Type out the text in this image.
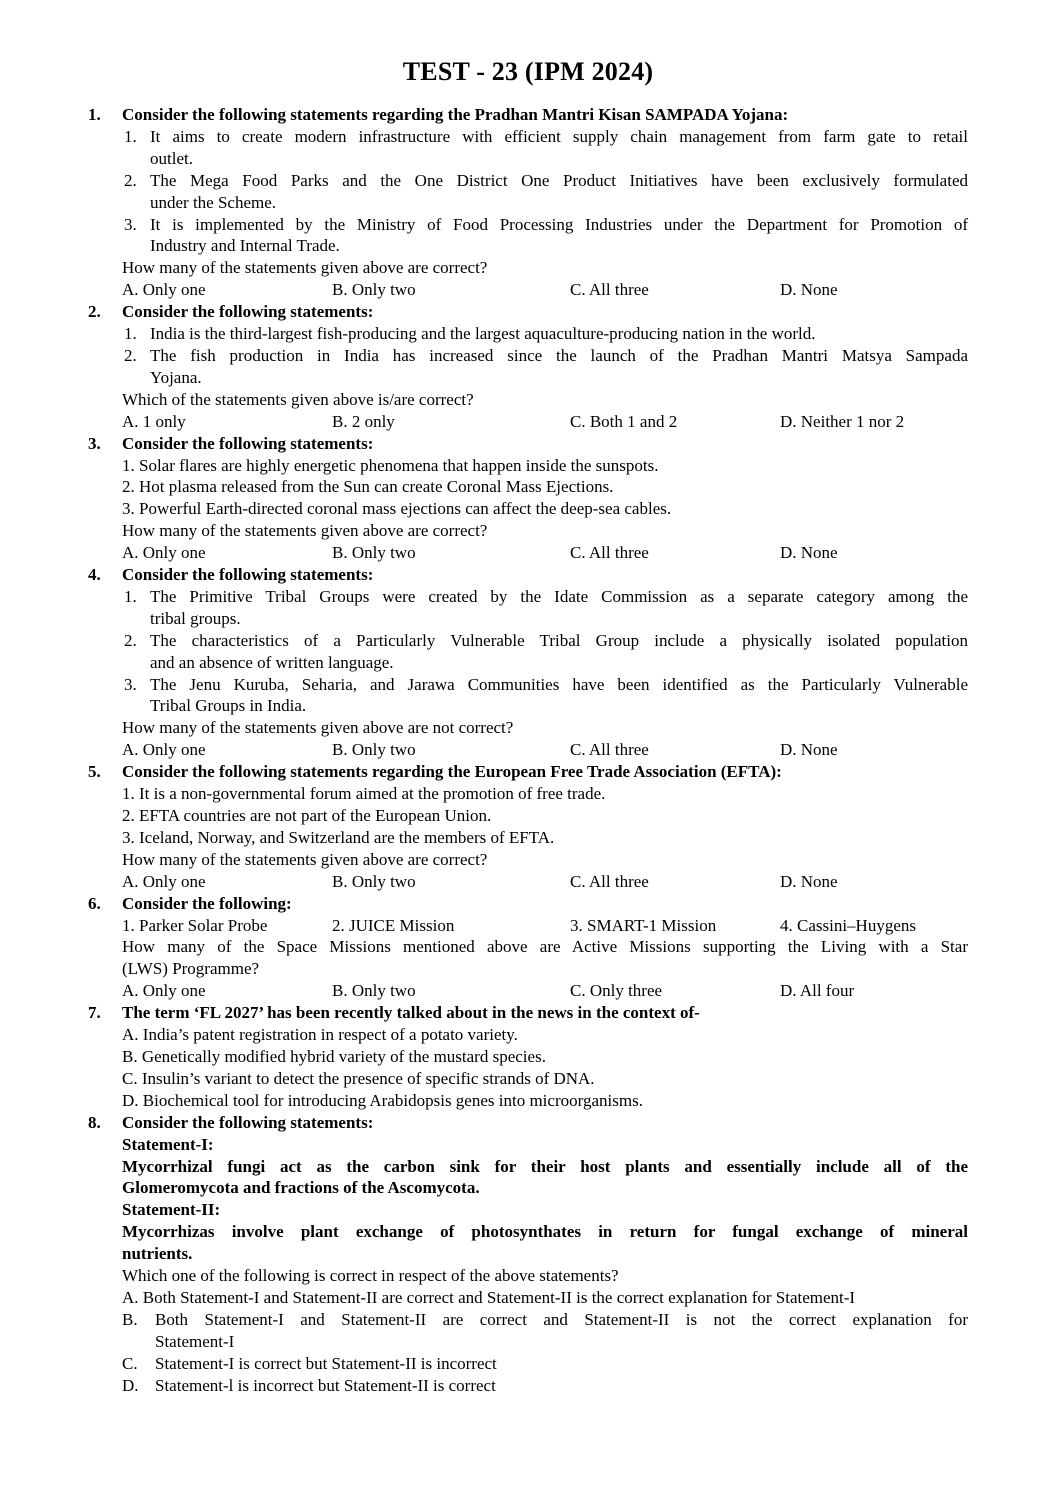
TEST - 23 (IPM 2024)
1.	Consider the following statements regarding the Pradhan Mantri Kisan SAMPADA Yojana:
1. It aims to create modern infrastructure with efficient supply chain management from farm gate to retail
outlet.
2. The Mega Food Parks and the One District One Product Initiatives have been exclusively formulated
under the Scheme.
3. It is implemented by the Ministry of Food Processing Industries under the Department for Promotion of
Industry and Internal Trade.
How many of the statements given above are correct?
A. Only one	B. Only two	C. All three	D. None
2.	Consider the following statements:
1. India is the third-largest fish-producing and the largest aquaculture-producing nation in the world.
2. The fish production in India has increased since the launch of the Pradhan Mantri Matsya Sampada
Yojana.
Which of the statements given above is/are correct?
A. 1 only	B. 2 only	C. Both 1 and 2	D. Neither 1 nor 2
3.	Consider the following statements:
1. Solar flares are highly energetic phenomena that happen inside the sunspots.
2. Hot plasma released from the Sun can create Coronal Mass Ejections.
3. Powerful Earth-directed coronal mass ejections can affect the deep-sea cables.
How many of the statements given above are correct?
A. Only one	B. Only two	C. All three	D. None
4.	Consider the following statements:
1. The Primitive Tribal Groups were created by the Idate Commission as a separate category among the
tribal groups.
2. The characteristics of a Particularly Vulnerable Tribal Group include a physically isolated population
and an absence of written language.
3. The Jenu Kuruba, Seharia, and Jarawa Communities have been identified as the Particularly Vulnerable
Tribal Groups in India.
How many of the statements given above are not correct?
A. Only one	B. Only two	C. All three	D. None
5.	Consider the following statements regarding the European Free Trade Association (EFTA):
1. It is a non-governmental forum aimed at the promotion of free trade.
2. EFTA countries are not part of the European Union.
3. Iceland, Norway, and Switzerland are the members of EFTA.
How many of the statements given above are correct?
A. Only one	B. Only two	C. All three	D. None
6.	Consider the following:
1. Parker Solar Probe	2. JUICE Mission	3. SMART-1 Mission	4. Cassini–Huygens
How many of the Space Missions mentioned above are Active Missions supporting the Living with a Star
(LWS) Programme?
A. Only one	B. Only two	C. Only three	D. All four
7.	The term ‘FL 2027’ has been recently talked about in the news in the context of-
A. India’s patent registration in respect of a potato variety.
B. Genetically modified hybrid variety of the mustard species.
C. Insulin’s variant to detect the presence of specific strands of DNA.
D. Biochemical tool for introducing Arabidopsis genes into microorganisms.
8.	Consider the following statements:
Statement-I:
Mycorrhizal fungi act as the carbon sink for their host plants and essentially include all of the
Glomeromycota and fractions of the Ascomycota.
Statement-II:
Mycorrhizas involve plant exchange of photosynthates in return for fungal exchange of mineral
nutrients.
Which one of the following is correct in respect of the above statements?
A. Both Statement-I and Statement-II are correct and Statement-II is the correct explanation for Statement-I
B. Both Statement-I and Statement-II are correct and Statement-II is not the correct explanation for
Statement-I
C. Statement-I is correct but Statement-II is incorrect
D. Statement-l is incorrect but Statement-II is correct
